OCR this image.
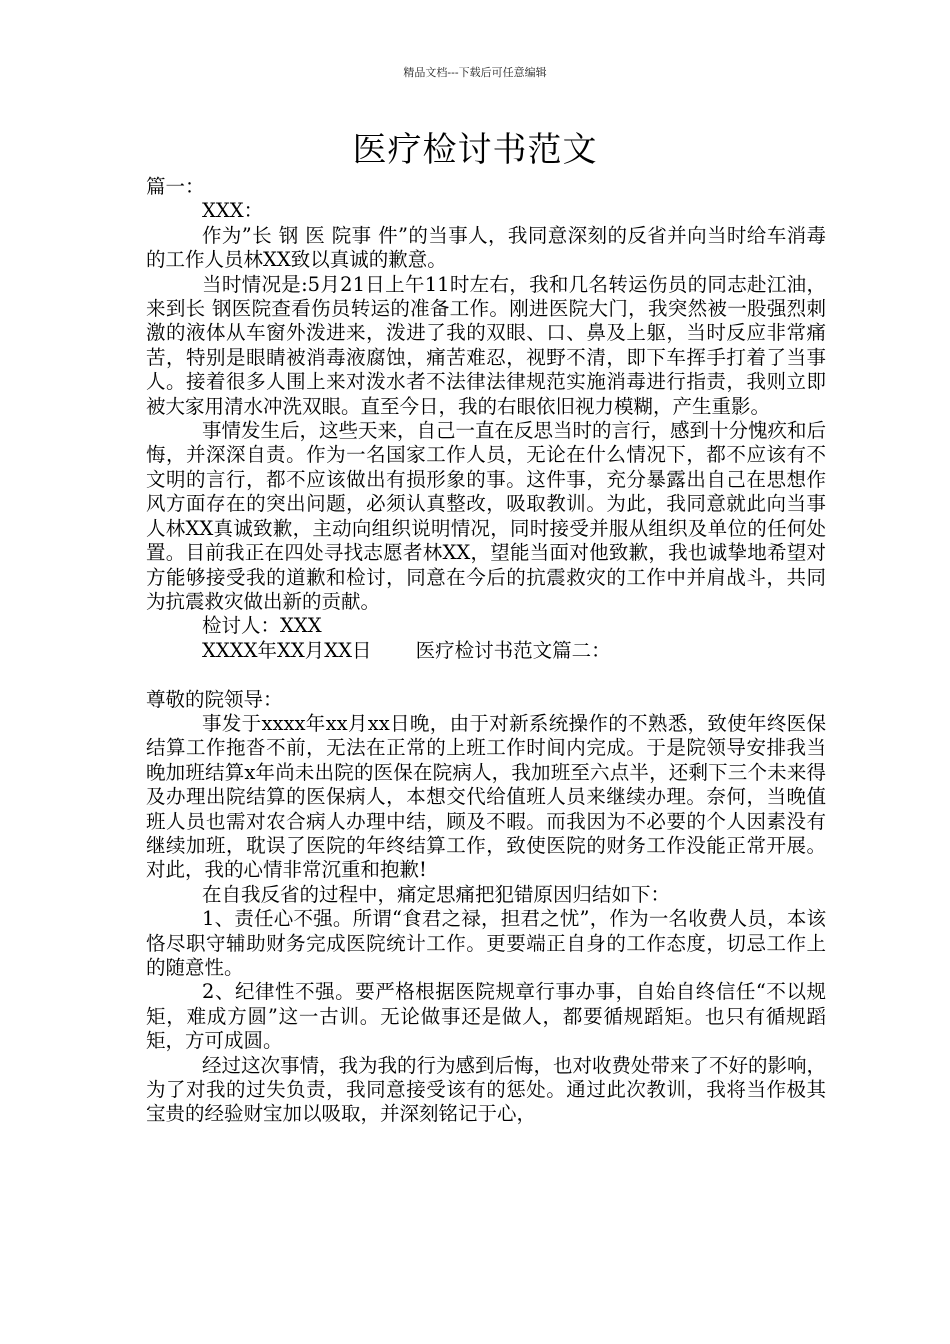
精品文档---下载后可任意编辑
医疗检讨书范文

篇一：

XXX：

作为”长 钢 医 院事 件”的当事人，我同意深刻的反省并向当时给车消毒的工作人员林XX致以真诚的歉意。

当时情况是:5月21日上午11时左右，我和几名转运伤员的同志赴江油，来到长 钢医院查看伤员转运的准备工作。刚进医院大门，我突然被一股强烈刺激的液体从车窗外泼进来，泼进了我的双眼、口、鼻及上躯，当时反应非常痛苦，特别是眼睛被消毒液腐蚀，痛苦难忍，视野不清，即下车挥手打着了当事人。接着很多人围上来对泼水者不法律法律规范实施消毒进行指责，我则立即被大家用清水冲洗双眼。直至今日，我的右眼依旧视力模糊，产生重影。

事情发生后，这些天来，自己一直在反思当时的言行，感到十分愧疚和后悔，并深深自责。作为一名国家工作人员，无论在什么情况下，都不应该有不文明的言行，都不应该做出有损形象的事。这件事，充分暴露出自己在思想作风方面存在的突出问题，必须认真整改，吸取教训。为此，我同意就此向当事人林XX真诚致歉，主动向组织说明情况，同时接受并服从组织及单位的任何处置。目前我正在四处寻找志愿者林XX，望能当面对他致歉，我也诚挚地希望对方能够接受我的道歉和检讨，同意在今后的抗震救灾的工作中并肩战斗，共同为抗震救灾做出新的贡献。

检讨人：XXX

XXXX年XX月XX日 医疗检讨书范文篇二：

尊敬的院领导：

事发于xxxx年xx月xx日晚，由于对新系统操作的不熟悉，致使年终医保结算工作拖沓不前，无法在正常的上班工作时间内完成。于是院领导安排我当晚加班结算x年尚未出院的医保在院病人，我加班至六点半，还剩下三个未来得及办理出院结算的医保病人，本想交代给值班人员来继续办理。奈何，当晚值班人员也需对农合病人办理中结，顾及不暇。而我因为不必要的个人因素没有继续加班，耽误了医院的年终结算工作，致使医院的财务工作没能正常开展。对此，我的心情非常沉重和抱歉!

在自我反省的过程中，痛定思痛把犯错原因归结如下：

1、责任心不强。所谓“食君之禄，担君之忧”，作为一名收费人员，本该恪尽职守辅助财务完成医院统计工作。更要端正自身的工作态度，切忌工作上的随意性。

2、纪律性不强。要严格根据医院规章行事办事，自始自终信任“不以规矩，难成方圆”这一古训。无论做事还是做人，都要循规蹈矩。也只有循规蹈矩，方可成圆。

经过这次事情，我为我的行为感到后悔，也对收费处带来了不好的影响，为了对我的过失负责，我同意接受该有的惩处。通过此次教训，我将当作极其宝贵的经验财宝加以吸取，并深刻铭记于心，
